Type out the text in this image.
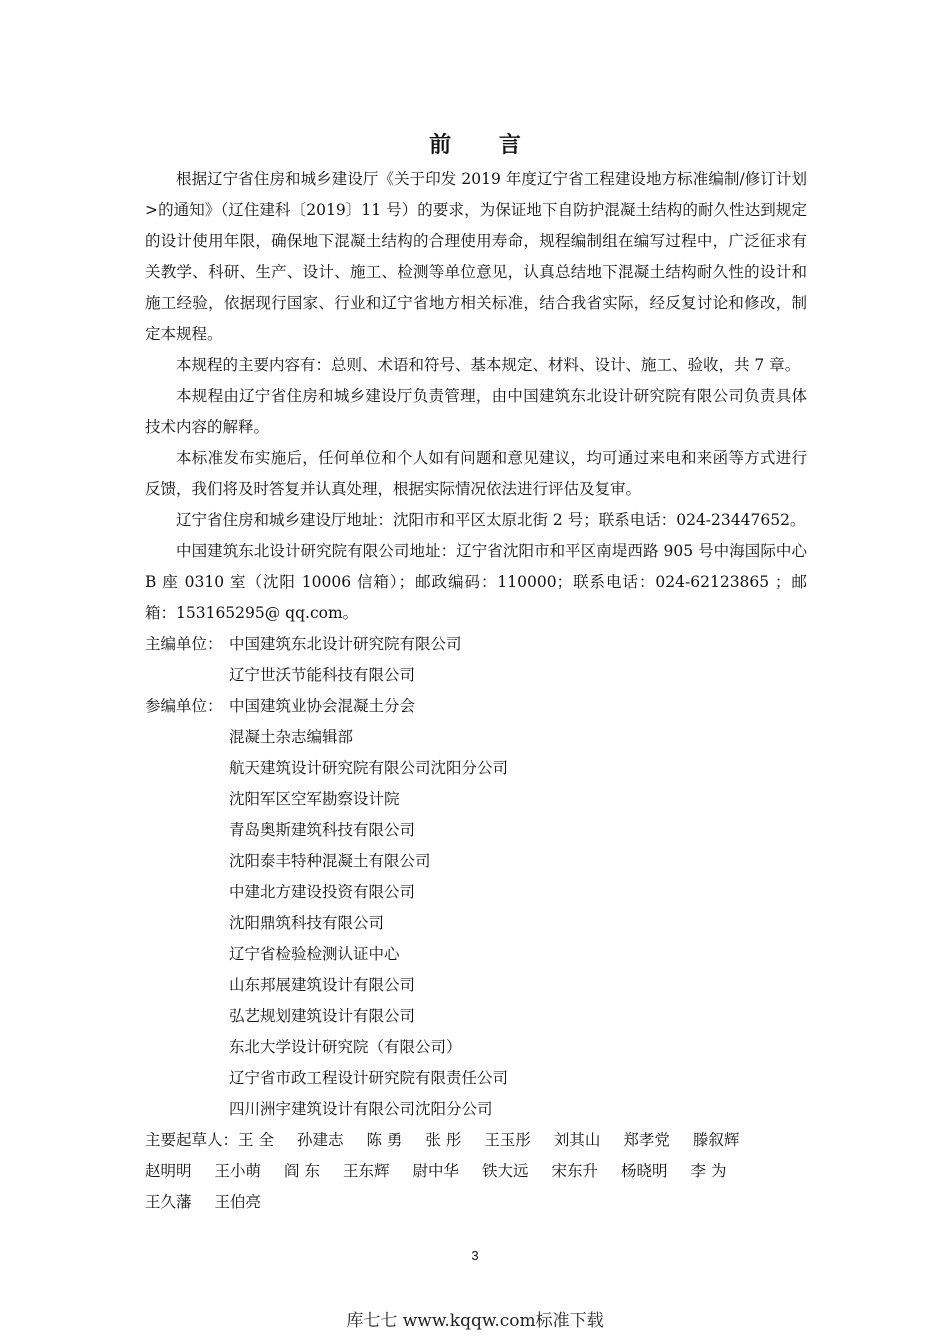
前 言

根据辽宁省住房和城乡建设厅《关于印发 2019 年度辽宁省工程建设地方标准编制/修订计划>的通知》（辽住建科〔2019〕11 号）的要求，为保证地下自防护混凝土结构的耐久性达到规定的设计使用年限，确保地下混凝土结构的合理使用寿命，规程编制组在编写过程中，广泛征求有关教学、科研、生产、设计、施工、检测等单位意见，认真总结地下混凝土结构耐久性的设计和施工经验，依据现行国家、行业和辽宁省地方相关标准，结合我省实际，经反复讨论和修改，制定本规程。

本规程的主要内容有：总则、术语和符号、基本规定、材料、设计、施工、验收，共 7 章。

本规程由辽宁省住房和城乡建设厅负责管理，由中国建筑东北设计研究院有限公司负责具体技术内容的解释。

本标准发布实施后，任何单位和个人如有问题和意见建议，均可通过来电和来函等方式进行反馈，我们将及时答复并认真处理，根据实际情况依法进行评估及复审。

辽宁省住房和城乡建设厅地址：沈阳市和平区太原北街 2 号；联系电话：024-23447652。

中国建筑东北设计研究院有限公司地址：辽宁省沈阳市和平区南堤西路 905 号中海国际中心 B 座 0310 室（沈阳 10006 信箱）；邮政编码：110000；联系电话：024-62123865 ；邮箱：153165295@ qq.com。

主编单位： 中国建筑东北设计研究院有限公司
辽宁世沃节能科技有限公司
参编单位： 中国建筑业协会混凝土分会
混凝土杂志编辑部
航天建筑设计研究院有限公司沈阳分公司
沈阳军区空军勘察设计院
青岛奥斯建筑科技有限公司
沈阳泰丰特种混凝土有限公司
中建北方建设投资有限公司
沈阳鼎筑科技有限公司
辽宁省检验检测认证中心
山东邦展建筑设计有限公司
弘艺规划建筑设计有限公司
东北大学设计研究院（有限公司）
辽宁省市政工程设计研究院有限责任公司
四川洲宇建筑设计有限公司沈阳分公司
主要起草人： 王 全 孙建志 陈 勇 张 彤 王玉彤 刘其山 郑孝党 滕叙辉
赵明明 王小萌 阎 东 王东辉 尉中华 铁大远 宋东升 杨晓明 李 为
王久藩 王伯亮
3
库七七 www.kqqw.com标准下载
